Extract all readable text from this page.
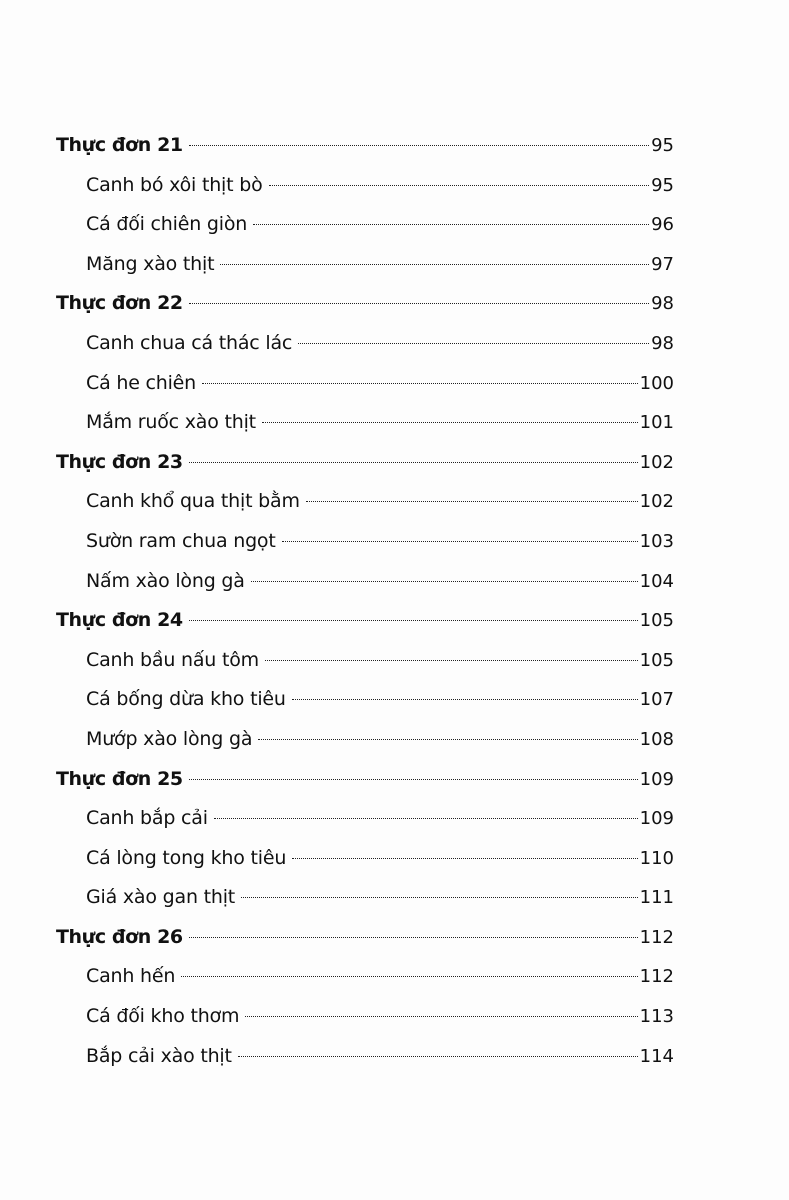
Thực đơn 21	95
Canh bó xôi thịt bò	95
Cá đối chiên giòn	96
Măng xào thịt	97
Thực đơn 22	98
Canh chua cá thác lác	98
Cá he chiên	100
Mắm ruốc xào thịt	101
Thực đơn 23	102
Canh khổ qua thịt bằm	102
Sườn ram chua ngọt	103
Nấm xào lòng gà	104
Thực đơn 24	105
Canh bầu nấu tôm	105
Cá bống dừa kho tiêu	107
Mướp xào lòng gà	108
Thực đơn 25	109
Canh bắp cải	109
Cá lòng tong kho tiêu	110
Giá xào gan thịt	111
Thực đơn 26	112
Canh hến	112
Cá đối kho thơm	113
Bắp cải xào thịt	114
